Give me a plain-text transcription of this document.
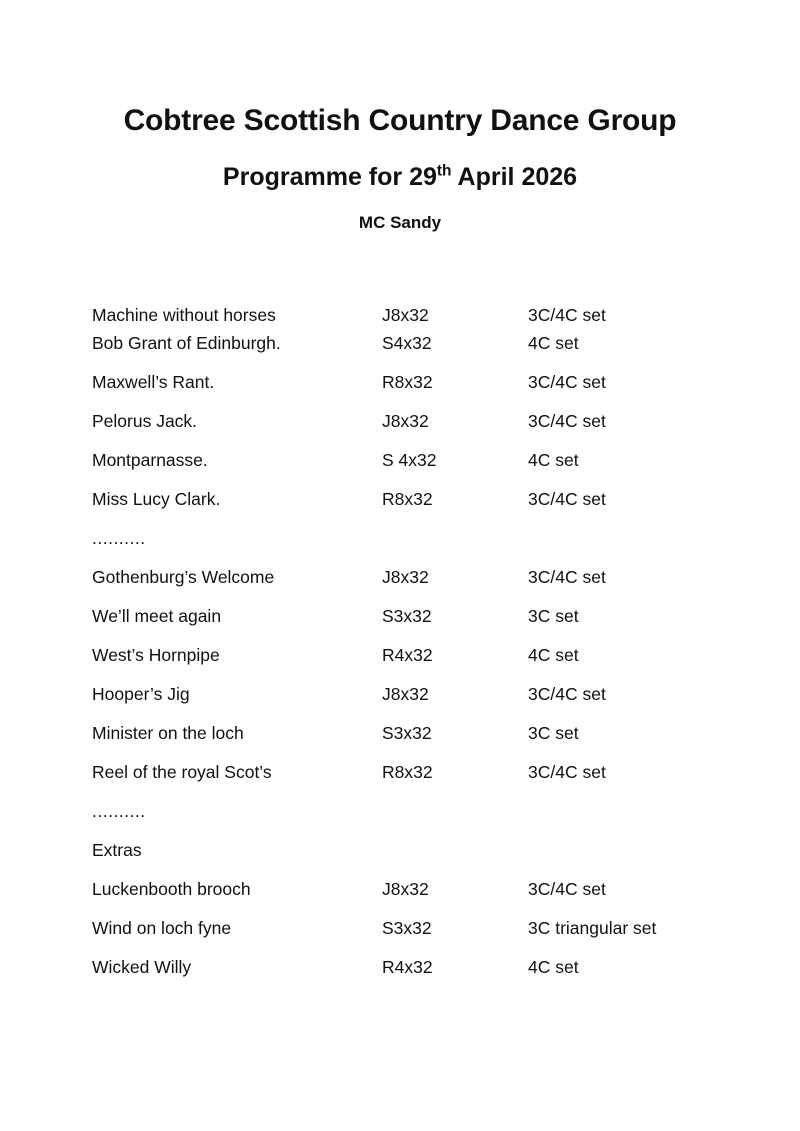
Cobtree Scottish Country Dance Group
Programme for 29th April 2026
MC Sandy
Machine without horses	J8x32	3C/4C set
Bob Grant of Edinburgh.	S4x32	4C set
Maxwell’s Rant.	R8x32	3C/4C set
Pelorus Jack.	J8x32	3C/4C set
Montparnasse.	S 4x32	4C set
Miss Lucy Clark.	R8x32	3C/4C set
..........
Gothenburg’s Welcome	J8x32	3C/4C set
We’ll meet again	S3x32	3C set
West’s Hornpipe	R4x32	4C set
Hooper’s Jig	J8x32	3C/4C set
Minister on the loch	S3x32	3C set
Reel of the royal Scot’s	R8x32	3C/4C set
..........
Extras
Luckenbooth brooch	J8x32	3C/4C set
Wind on loch fyne	S3x32	3C triangular set
Wicked Willy	R4x32	4C set
